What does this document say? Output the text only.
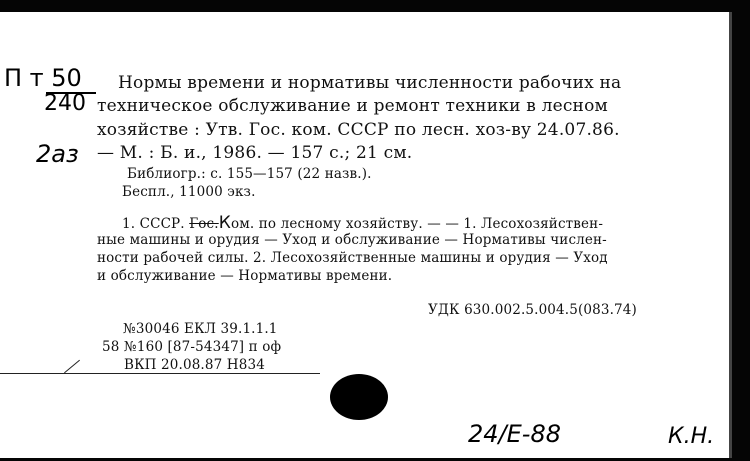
П т 50
240
2аз
Нормы времени и нормативы численности рабочих на
техническое обслуживание и ремонт техники в лесном
хозяйстве : Утв. Гос. ком. СССР по лесн. хоз-ву 24.07.86.
— М. : Б. и., 1986. — 157 с.; 21 см.
Библиогр.: с. 155—157 (22 назв.).
Беспл., 11000 экз.
1. СССР. Гос.Ком. по лесному хозяйству. — — 1. Лесохозяйствен-
ные машины и орудия — Уход и обслуживание — Нормативы числен-
ности рабочей силы. 2. Лесохозяйственные машины и орудия — Уход
и обслуживание — Нормативы времени.
УДК 630.002.5.004.5(083.74)
№30046 ЕКЛ 39.1.1.1
58 №160 [87-54347] п оф
ВКП 20.08.87 Н834
24/Е-88	К.Н.
